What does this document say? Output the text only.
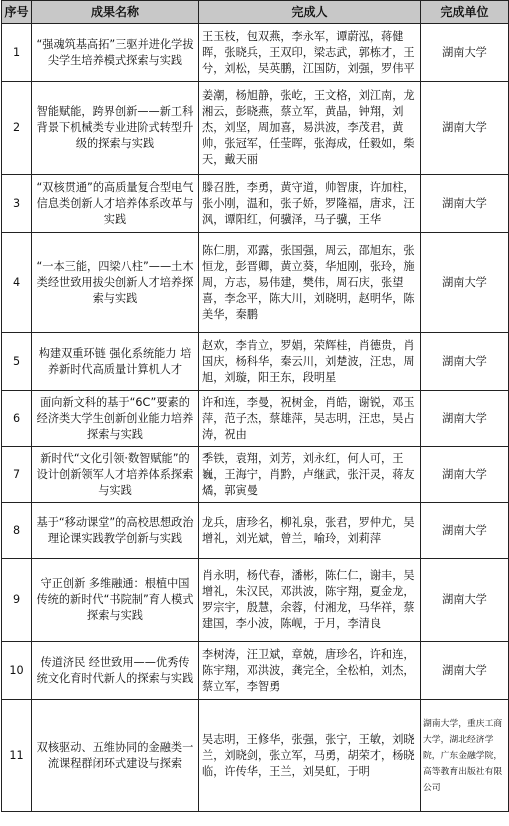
序号	成果名称	完成人	完成单位
1	“强魂筑基高拓”三驱并进化学拔尖学生培养模式探索与实践	王玉枝，包双燕，李永军，谭蔚泓，蒋健晖，张晓兵，王双印，梁志武，郭栋才，王兮，刘松，吴英鹏，江国防，刘强，罗伟平	湖南大学
2	智能赋能，跨界创新——新工科背景下机械类专业进阶式转型升级的探索与实践	姜潮，杨旭静，张屹，王文格，刘江南，龙湘云，彭晓燕，蔡立军，黄晶，钟翔，刘杰，刘坚，周加喜，易洪波，李茂君，黄帅，张冠军，任莹晖，张海成，任毅如，柴天，戴天丽	湖南大学
3	“双核贯通”的高质量复合型电气信息类创新人才培养体系改革与实践	滕召胜，李勇，黄守道，帅智康，许加柱，张小刚，温和，张子娇，罗隆福，唐求，汪沨，谭阳红，何骥泽，马子骥，王华	湖南大学
4	“一本三能，四梁八柱”——土木类经世致用拔尖创新人才培养探索与实践	陈仁朋，邓露，张国强，周云，邵旭东，张恒龙，彭晋卿，黄立葵，华旭刚，张玲，施周，方志，易伟建，樊伟，周石庆，张望喜，李念平，陈大川，刘晓明，赵明华，陈美华，秦鹏	湖南大学
5	构建双重环链 强化系统能力 培养新时代高质量计算机人才	赵欢，李肯立，罗娟，荣辉桂，肖德贵，肖国庆，杨科华，秦云川，刘楚波，汪忠，周旭，刘璇，阳王东，段明星	湖南大学
6	面向新文科的基于“6C”要素的经济类大学生创新创业能力培养探索与实践	许和连，李曼，祝树金，肖皓，谢锐，邓玉萍，范子杰，蔡雄萍，吴志明，汪忠，吴占涛，祝由	湖南大学
7	新时代“文化引领·数智赋能”的设计创新领军人才培养体系探索与实践	季铁，袁翔，刘芳，刘永红，何人可，王巍，王海宁，肖黔，卢继武，张汗灵，蒋友燏，郭寅曼	湖南大学
8	基于“移动课堂”的高校思想政治理论课实践教学创新与实践	龙兵，唐珍名，柳礼泉，张君，罗仲尤，吴增礼，刘光斌，曾兰，喻玲，刘莉萍	湖南大学
9	守正创新 多维融通：根植中国传统的新时代“书院制”育人模式探索与实践	肖永明，杨代春，潘彬，陈仁仁，谢丰，吴增礼，朱汉民，邓洪波，陈宇翔，夏金龙，罗宗宇，殷慧，余蓉，付湘龙，马华祥，蔡建国，李小波，陈岘，于月，李清良	湖南大学
10	传道济民 经世致用——优秀传统文化育时代新人的探索与实践	李树涛，汪卫斌，章兢，唐珍名，许和连，陈宇翔，邓洪波，龚完全，全松柏，刘杰，蔡立军，李智勇	湖南大学
11	双核驱动、五维协同的金融类一流课程群闭环式建设与探索	吴志明，王修华，张强，张宁，王敏，刘晓兰，刘晓剑，张立军，马勇，胡荣才，杨晓临，许传华，王兰，刘昊虹，于明	湖南大学，重庆工商大学，湖北经济学院，广东金融学院，高等教育出版社有限公司
